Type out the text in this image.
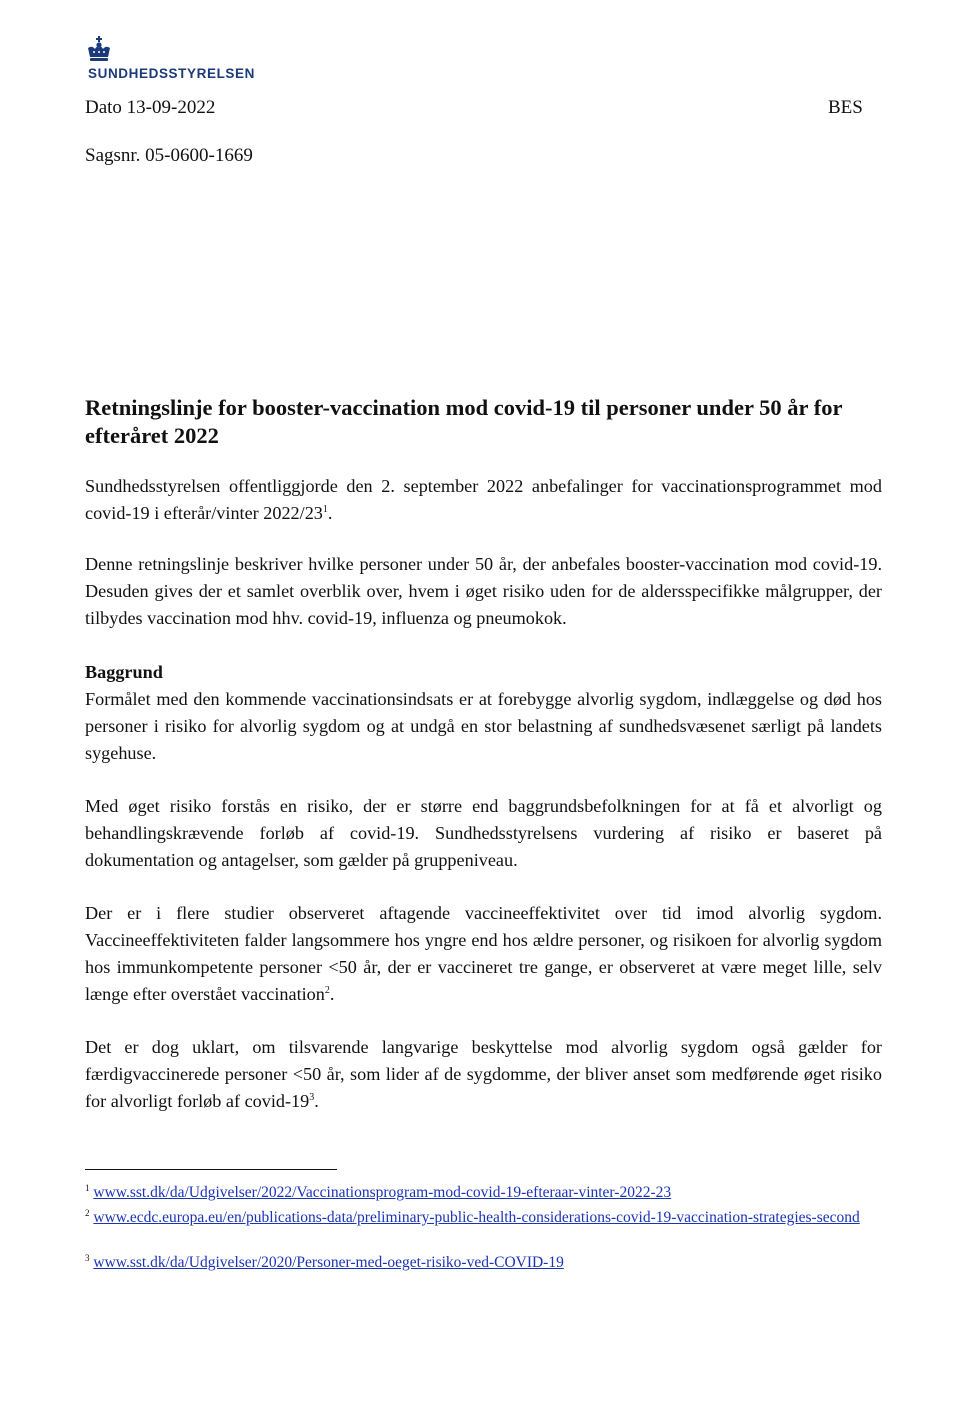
SUNDHEDSSTYRELSEN
Dato 13-09-2022	BES
Sagsnr. 05-0600-1669
Retningslinje for booster-vaccination mod covid-19 til personer under 50 år for efteråret 2022

Sundhedsstyrelsen offentliggjorde den 2. september 2022 anbefalinger for vaccinationsprogrammet mod covid-19 i efterår/vinter $2022/23^1$.

Denne retningslinje beskriver hvilke personer under 50 år, der anbefales booster-vaccination mod covid-19. Desuden gives der et samlet overblik over, hvem i øget risiko uden for de aldersspecifikke målgrupper, der tilbydes vaccination mod hhv. covid-19, influenza og pneumokok.

Baggrund
Formålet med den kommende vaccinationsindsats er at forebygge alvorlig sygdom, indlæggelse og død hos personer i risiko for alvorlig sygdom og at undgå en stor belastning af sundhedsvæsenet særligt på landets sygehuse.

Med øget risiko forstås en risiko, der er større end baggrundsbefolkningen for at få et alvorligt og behandlingskrævende forløb af covid-19. Sundhedsstyrelsens vurdering af risiko er baseret på dokumentation og antagelser, som gælder på gruppeniveau.

Der er i flere studier observeret aftagende vaccineeffektivitet over tid imod alvorlig sygdom. Vaccineeffektiviteten falder langsommere hos yngre end hos ældre personer, og risikoen for alvorlig sygdom hos immunkompetente personer <50 år, der er vaccineret tre gange, er observeret at være meget lille, selv længe efter overstået vaccination$^2$.

Det er dog uklart, om tilsvarende langvarige beskyttelse mod alvorlig sygdom også gælder for færdigvaccinerede personer <50 år, som lider af de sygdomme, der bliver anset som medførende øget risiko for alvorligt forløb af covid-$19^3$.

$^1$ www.sst.dk/da/Udgivelser/2022/Vaccinationsprogram-mod-covid-19-efteraar-vinter-2022-23
$^2$ www.ecdc.europa.eu/en/publications-data/preliminary-public-health-considerations-covid-19-vaccination-strategies-second
$^3$ www.sst.dk/da/Udgivelser/2020/Personer-med-oeget-risiko-ved-COVID-19
